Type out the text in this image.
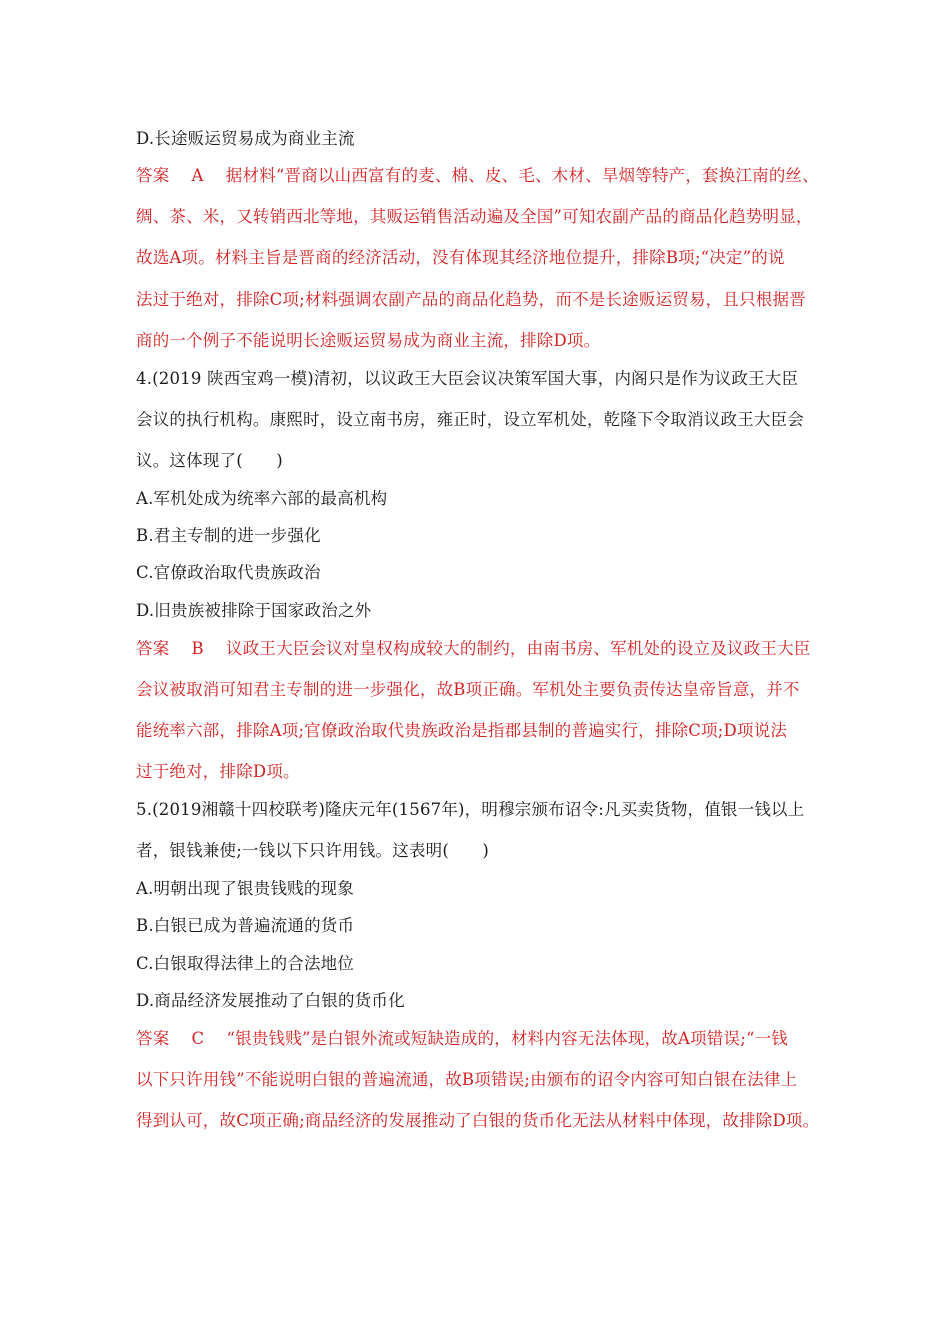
D.长途贩运贸易成为商业主流
答案　 A　 据材料“晋商以山西富有的麦、棉、皮、毛、木材、旱烟等特产，套换江南的丝、
绸、茶、米，又转销西北等地，其贩运销售活动遍及全国”可知农副产品的商品化趋势明显，
故选A项。材料主旨是晋商的经济活动，没有体现其经济地位提升，排除B项;“决定”的说
法过于绝对，排除C项;材料强调农副产品的商品化趋势，而不是长途贩运贸易，且只根据晋
商的一个例子不能说明长途贩运贸易成为商业主流，排除D项。
4.(2019 陕西宝鸡一模)清初，以议政王大臣会议决策军国大事，内阁只是作为议政王大臣
会议的执行机构。康熙时，设立南书房，雍正时，设立军机处，乾隆下令取消议政王大臣会
议。这体现了(　　)
A.军机处成为统率六部的最高机构
B.君主专制的进一步强化
C.官僚政治取代贵族政治
D.旧贵族被排除于国家政治之外
答案　 B　 议政王大臣会议对皇权构成较大的制约，由南书房、军机处的设立及议政王大臣
会议被取消可知君主专制的进一步强化，故B项正确。军机处主要负责传达皇帝旨意，并不
能统率六部，排除A项;官僚政治取代贵族政治是指郡县制的普遍实行，排除C项;D项说法
过于绝对，排除D项。
5.(2019湘赣十四校联考)隆庆元年(1567年)，明穆宗颁布诏令:凡买卖货物，值银一钱以上
者，银钱兼使;一钱以下只许用钱。这表明(　　)
A.明朝出现了银贵钱贱的现象
B.白银已成为普遍流通的货币
C.白银取得法律上的合法地位
D.商品经济发展推动了白银的货币化
答案　 C　 “银贵钱贱”是白银外流或短缺造成的，材料内容无法体现，故A项错误;“一钱
以下只许用钱”不能说明白银的普遍流通，故B项错误;由颁布的诏令内容可知白银在法律上
得到认可，故C项正确;商品经济的发展推动了白银的货币化无法从材料中体现，故排除D项。
